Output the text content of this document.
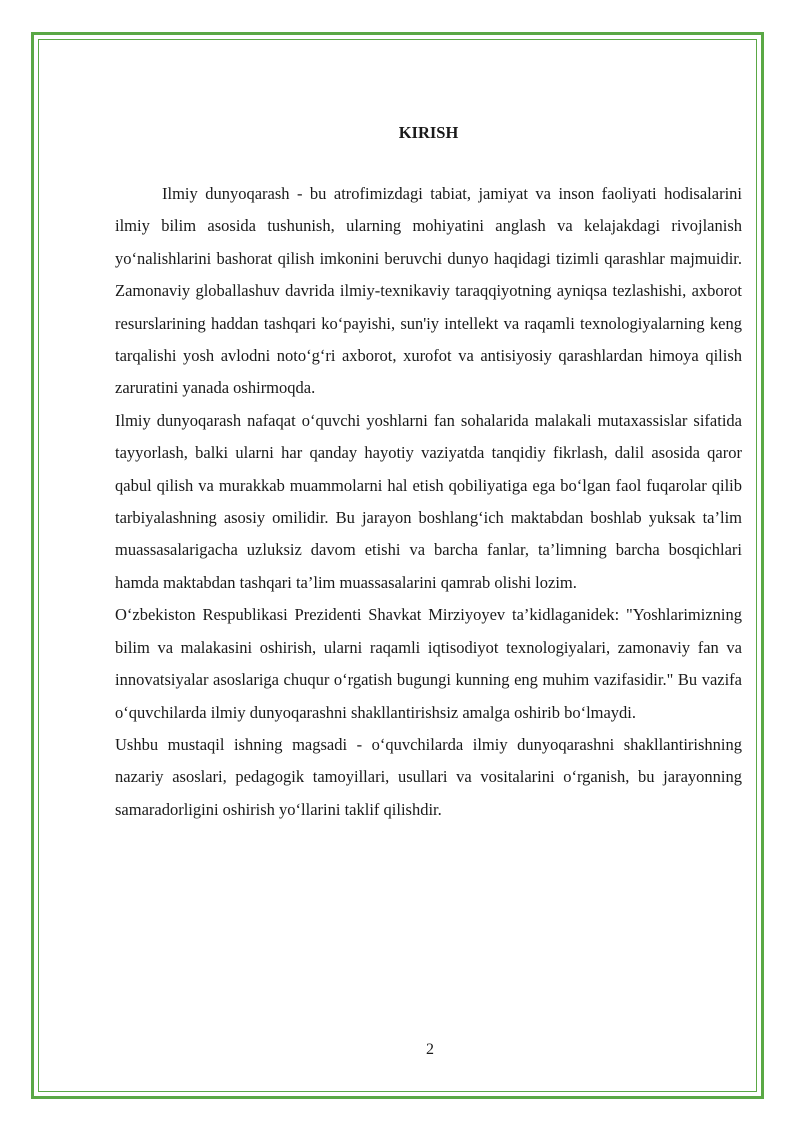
KIRISH

Ilmiy dunyoqarash - bu atrofimizdagi tabiat, jamiyat va inson faoliyati hodisalarini ilmiy bilim asosida tushunish, ularning mohiyatini anglash va kelajakdagi rivojlanish yo‘nalishlarini bashorat qilish imkonini beruvchi dunyo haqidagi tizimli qarashlar majmuidir. Zamonaviy globallashuv davrida ilmiy-texnikaviy taraqqiyotning ayniqsa tezlashishi, axborot resurslarining haddan tashqari ko‘payishi, sun'iy intellekt va raqamli texnologiyalarning keng tarqalishi yosh avlodni noto‘g‘ri axborot, xurofot va antisiyosiy qarashlardan himoya qilish zaruratini yanada oshirmoqda.

Ilmiy dunyoqarash nafaqat o‘quvchi yoshlarni fan sohalarida malakali mutaxassislar sifatida tayyorlash, balki ularni har qanday hayotiy vaziyatda tanqidiy fikrlash, dalil asosida qaror qabul qilish va murakkab muammolarni hal etish qobiliyatiga ega bo‘lgan faol fuqarolar qilib tarbiyalashning asosiy omilidir. Bu jarayon boshlang‘ich maktabdan boshlab yuksak ta’lim muassasalarigacha uzluksiz davom etishi va barcha fanlar, ta’limning barcha bosqichlari hamda maktabdan tashqari ta’lim muassasalarini qamrab olishi lozim.

O‘zbekiston Respublikasi Prezidenti Shavkat Mirziyoyev ta’kidlaganidek: "Yoshlarimizning bilim va malakasini oshirish, ularni raqamli iqtisodiyot texnologiyalari, zamonaviy fan va innovatsiyalar asoslariga chuqur o‘rgatish bugungi kunning eng muhim vazifasidir." Bu vazifa o‘quvchilarda ilmiy dunyoqarashni shakllantirishsiz amalga oshirib bo‘lmaydi.

Ushbu mustaqil ishning magsadi - o‘quvchilarda ilmiy dunyoqarashni shakllantirishning nazariy asoslari, pedagogik tamoyillari, usullari va vositalarini o‘rganish, bu jarayonning samaradorligini oshirish yo‘llarini taklif qilishdir.

2
